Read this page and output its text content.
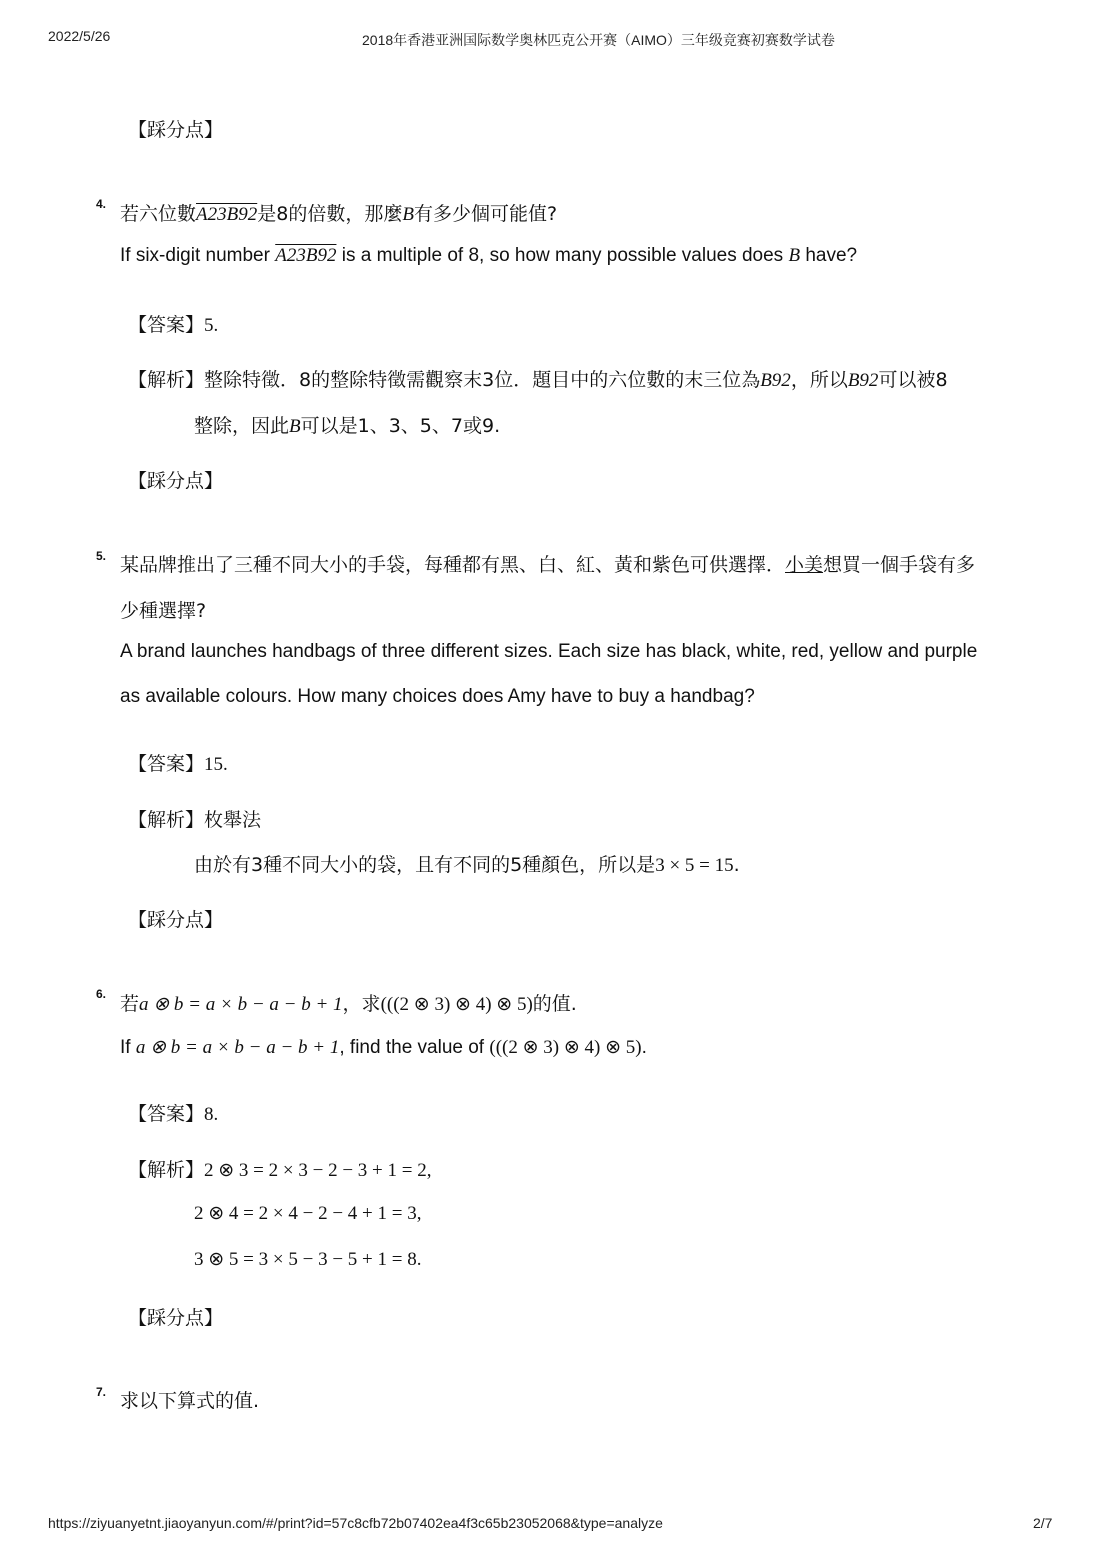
2022/5/26	2018年香港亚洲国际数学奥林匹克公开赛（AIMO）三年级竞赛初赛数学试卷
【踩分点】
4. 若六位數A23B92是8的倍數，那麼B有多少個可能值?
If six-digit number A23B92 is a multiple of 8, so how many possible values does B have?
【答案】5.
【解析】整除特徵．8的整除特徵需觀察末3位．題目中的六位數的末三位為B92，所以B92可以被8
整除，因此B可以是1、3、5、7或9.
【踩分点】
5. 某品牌推出了三種不同大小的手袋，每種都有黑、白、紅、黃和紫色可供選擇．小美想買一個手袋有多
少種選擇?
A brand launches handbags of three different sizes. Each size has black, white, red, yellow and purple
as available colours. How many choices does Amy have to buy a handbag?
【答案】15.
【解析】枚舉法
由於有3種不同大小的袋，且有不同的5種顏色，所以是3 × 5 = 15.
【踩分点】
6. 若a ⊗ b = a × b − a − b + 1，求(((2 ⊗ 3) ⊗ 4) ⊗ 5)的值.
If a ⊗ b = a × b − a − b + 1, find the value of (((2 ⊗ 3) ⊗ 4) ⊗ 5).
【答案】8.
【解析】2 ⊗ 3 = 2 × 3 − 2 − 3 + 1 = 2,
2 ⊗ 4 = 2 × 4 − 2 − 4 + 1 = 3,
3 ⊗ 5 = 3 × 5 − 3 − 5 + 1 = 8.
【踩分点】
7. 求以下算式的值.
https://ziyuanyetnt.jiaoyanyun.com/#/print?id=57c8cfb72b07402ea4f3c65b23052068&type=analyze	2/7
